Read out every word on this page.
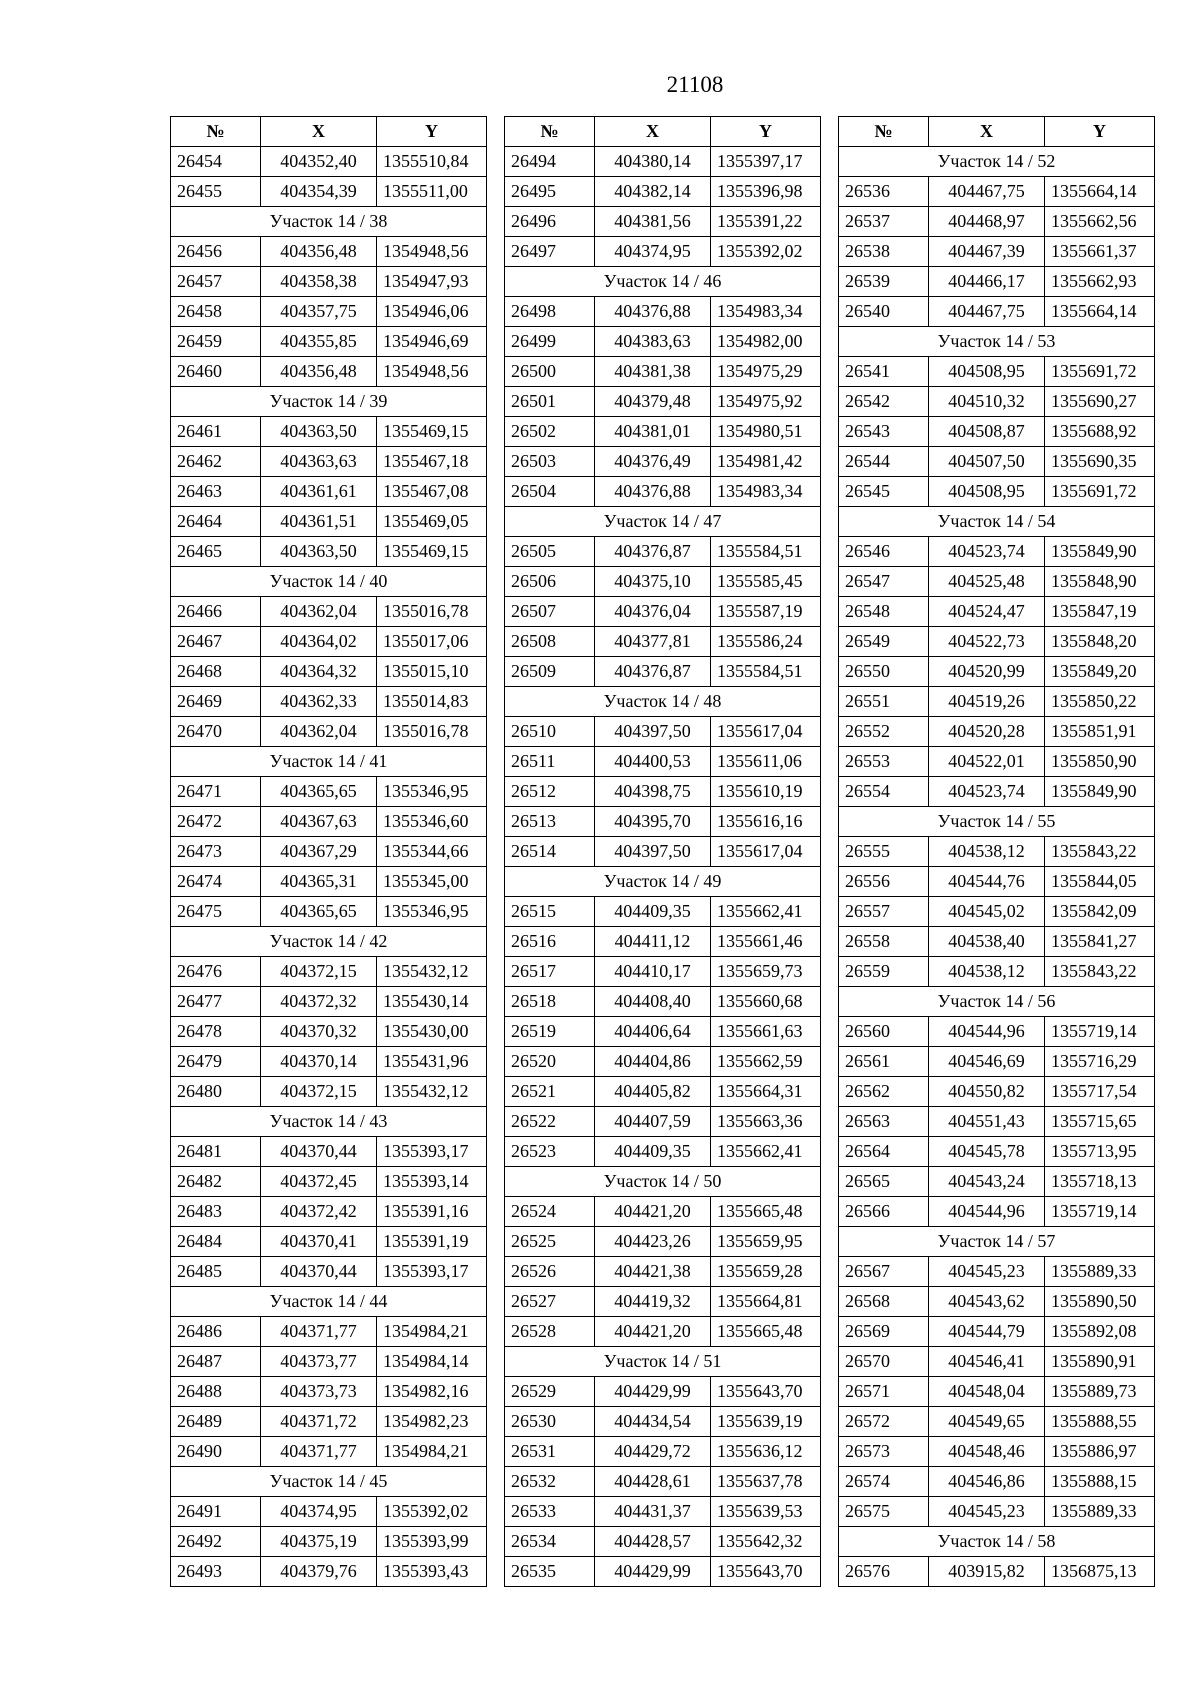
21108
№	X	Y
26454	404352,40	1355510,84
26455	404354,39	1355511,00
Участок 14 / 38		
26456	404356,48	1354948,56
26457	404358,38	1354947,93
26458	404357,75	1354946,06
26459	404355,85	1354946,69
26460	404356,48	1354948,56
Участок 14 / 39		
26461	404363,50	1355469,15
26462	404363,63	1355467,18
26463	404361,61	1355467,08
26464	404361,51	1355469,05
26465	404363,50	1355469,15
Участок 14 / 40		
26466	404362,04	1355016,78
26467	404364,02	1355017,06
26468	404364,32	1355015,10
26469	404362,33	1355014,83
26470	404362,04	1355016,78
Участок 14 / 41		
26471	404365,65	1355346,95
26472	404367,63	1355346,60
26473	404367,29	1355344,66
26474	404365,31	1355345,00
26475	404365,65	1355346,95
Участок 14 / 42		
26476	404372,15	1355432,12
26477	404372,32	1355430,14
26478	404370,32	1355430,00
26479	404370,14	1355431,96
26480	404372,15	1355432,12
Участок 14 / 43		
26481	404370,44	1355393,17
26482	404372,45	1355393,14
26483	404372,42	1355391,16
26484	404370,41	1355391,19
26485	404370,44	1355393,17
Участок 14 / 44		
26486	404371,77	1354984,21
26487	404373,77	1354984,14
26488	404373,73	1354982,16
26489	404371,72	1354982,23
26490	404371,77	1354984,21
Участок 14 / 45		
26491	404374,95	1355392,02
26492	404375,19	1355393,99
26493	404379,76	1355393,43
№	X	Y
26494	404380,14	1355397,17
26495	404382,14	1355396,98
26496	404381,56	1355391,22
26497	404374,95	1355392,02
Участок 14 / 46		
26498	404376,88	1354983,34
26499	404383,63	1354982,00
26500	404381,38	1354975,29
26501	404379,48	1354975,92
26502	404381,01	1354980,51
26503	404376,49	1354981,42
26504	404376,88	1354983,34
Участок 14 / 47		
26505	404376,87	1355584,51
26506	404375,10	1355585,45
26507	404376,04	1355587,19
26508	404377,81	1355586,24
26509	404376,87	1355584,51
Участок 14 / 48		
26510	404397,50	1355617,04
26511	404400,53	1355611,06
26512	404398,75	1355610,19
26513	404395,70	1355616,16
26514	404397,50	1355617,04
Участок 14 / 49		
26515	404409,35	1355662,41
26516	404411,12	1355661,46
26517	404410,17	1355659,73
26518	404408,40	1355660,68
26519	404406,64	1355661,63
26520	404404,86	1355662,59
26521	404405,82	1355664,31
26522	404407,59	1355663,36
26523	404409,35	1355662,41
Участок 14 / 50		
26524	404421,20	1355665,48
26525	404423,26	1355659,95
26526	404421,38	1355659,28
26527	404419,32	1355664,81
26528	404421,20	1355665,48
Участок 14 / 51		
26529	404429,99	1355643,70
26530	404434,54	1355639,19
26531	404429,72	1355636,12
26532	404428,61	1355637,78
26533	404431,37	1355639,53
26534	404428,57	1355642,32
26535	404429,99	1355643,70
№	X	Y
Участок 14 / 52		
26536	404467,75	1355664,14
26537	404468,97	1355662,56
26538	404467,39	1355661,37
26539	404466,17	1355662,93
26540	404467,75	1355664,14
Участок 14 / 53		
26541	404508,95	1355691,72
26542	404510,32	1355690,27
26543	404508,87	1355688,92
26544	404507,50	1355690,35
26545	404508,95	1355691,72
Участок 14 / 54		
26546	404523,74	1355849,90
26547	404525,48	1355848,90
26548	404524,47	1355847,19
26549	404522,73	1355848,20
26550	404520,99	1355849,20
26551	404519,26	1355850,22
26552	404520,28	1355851,91
26553	404522,01	1355850,90
26554	404523,74	1355849,90
Участок 14 / 55		
26555	404538,12	1355843,22
26556	404544,76	1355844,05
26557	404545,02	1355842,09
26558	404538,40	1355841,27
26559	404538,12	1355843,22
Участок 14 / 56		
26560	404544,96	1355719,14
26561	404546,69	1355716,29
26562	404550,82	1355717,54
26563	404551,43	1355715,65
26564	404545,78	1355713,95
26565	404543,24	1355718,13
26566	404544,96	1355719,14
Участок 14 / 57		
26567	404545,23	1355889,33
26568	404543,62	1355890,50
26569	404544,79	1355892,08
26570	404546,41	1355890,91
26571	404548,04	1355889,73
26572	404549,65	1355888,55
26573	404548,46	1355886,97
26574	404546,86	1355888,15
26575	404545,23	1355889,33
Участок 14 / 58		
26576	403915,82	1356875,13
